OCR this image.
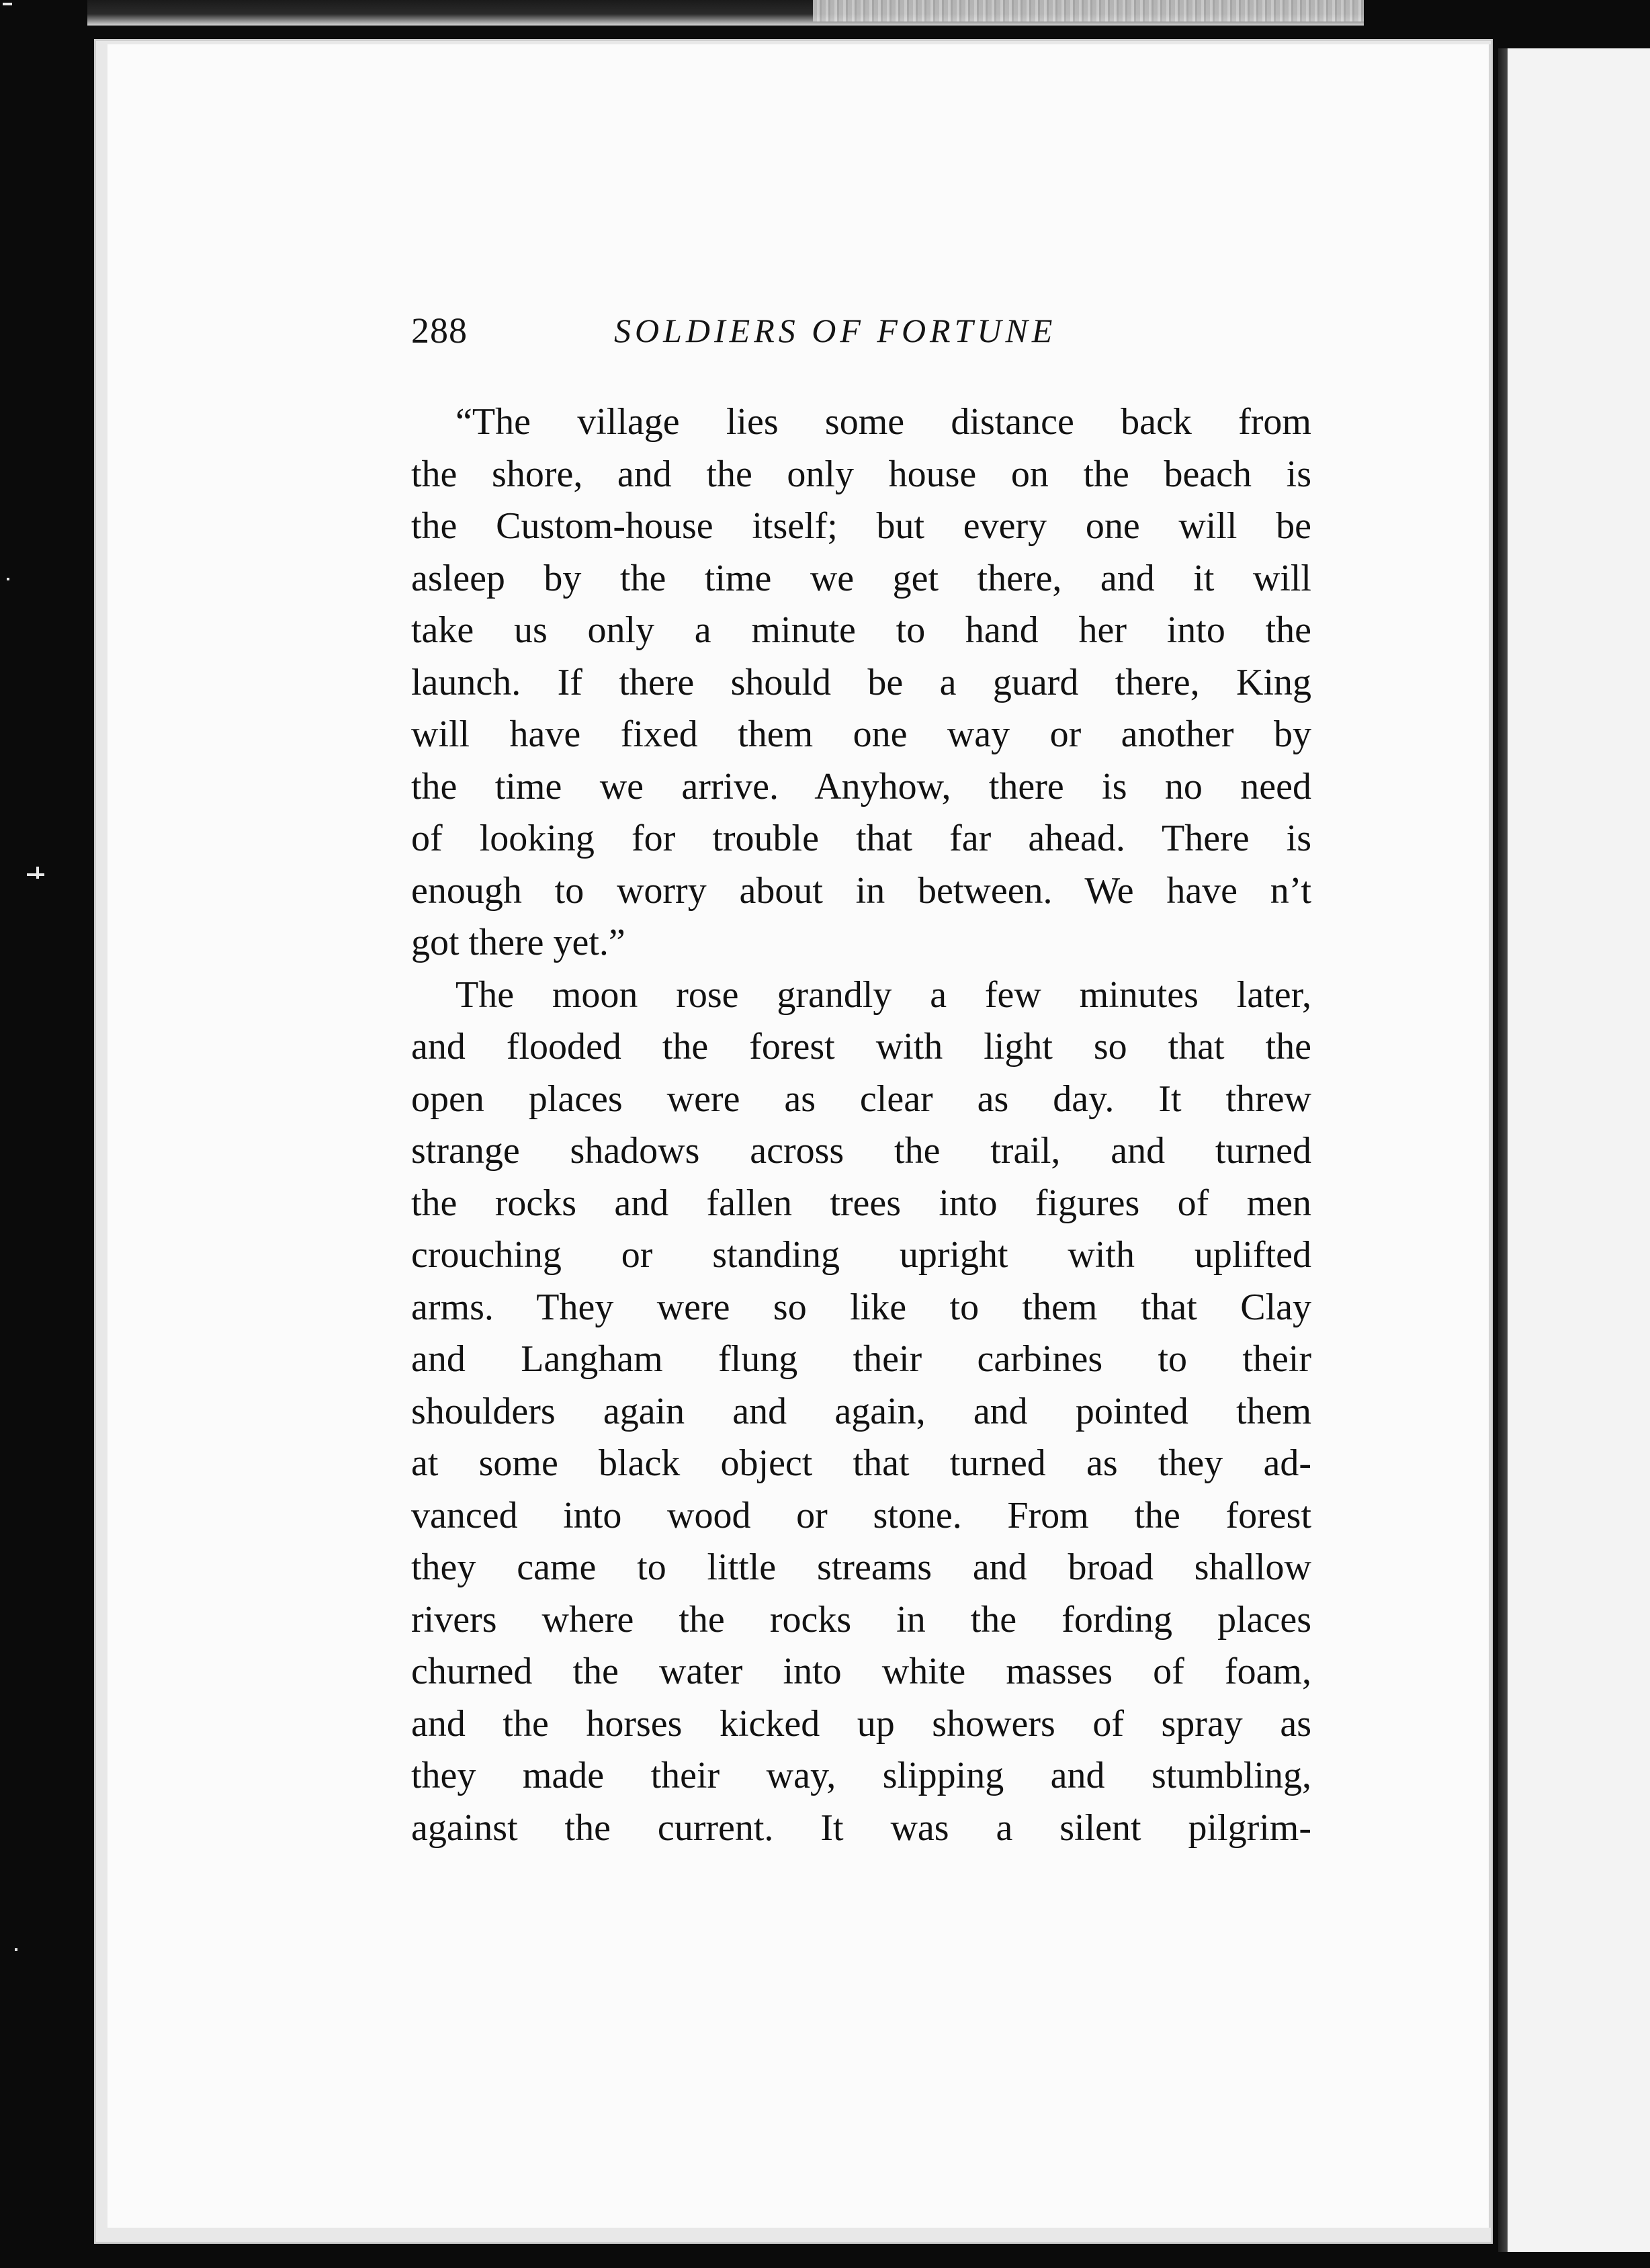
288	SOLDIERS OF FORTUNE
“The village lies some distance back from
the shore, and the only house on the beach is
the Custom-house itself; but every one will be
asleep by the time we get there, and it will
take us only a minute to hand her into the
launch. If there should be a guard there, King
will have fixed them one way or another by
the time we arrive. Anyhow, there is no need
of looking for trouble that far ahead. There is
enough to worry about in between. We have n’t
got there yet.”
The moon rose grandly a few minutes later,
and flooded the forest with light so that the
open places were as clear as day. It threw
strange shadows across the trail, and turned
the rocks and fallen trees into figures of men
crouching or standing upright with uplifted
arms. They were so like to them that Clay
and Langham flung their carbines to their
shoulders again and again, and pointed them
at some black object that turned as they ad-
vanced into wood or stone. From the forest
they came to little streams and broad shallow
rivers where the rocks in the fording places
churned the water into white masses of foam,
and the horses kicked up showers of spray as
they made their way, slipping and stumbling,
against the current. It was a silent pilgrim-
